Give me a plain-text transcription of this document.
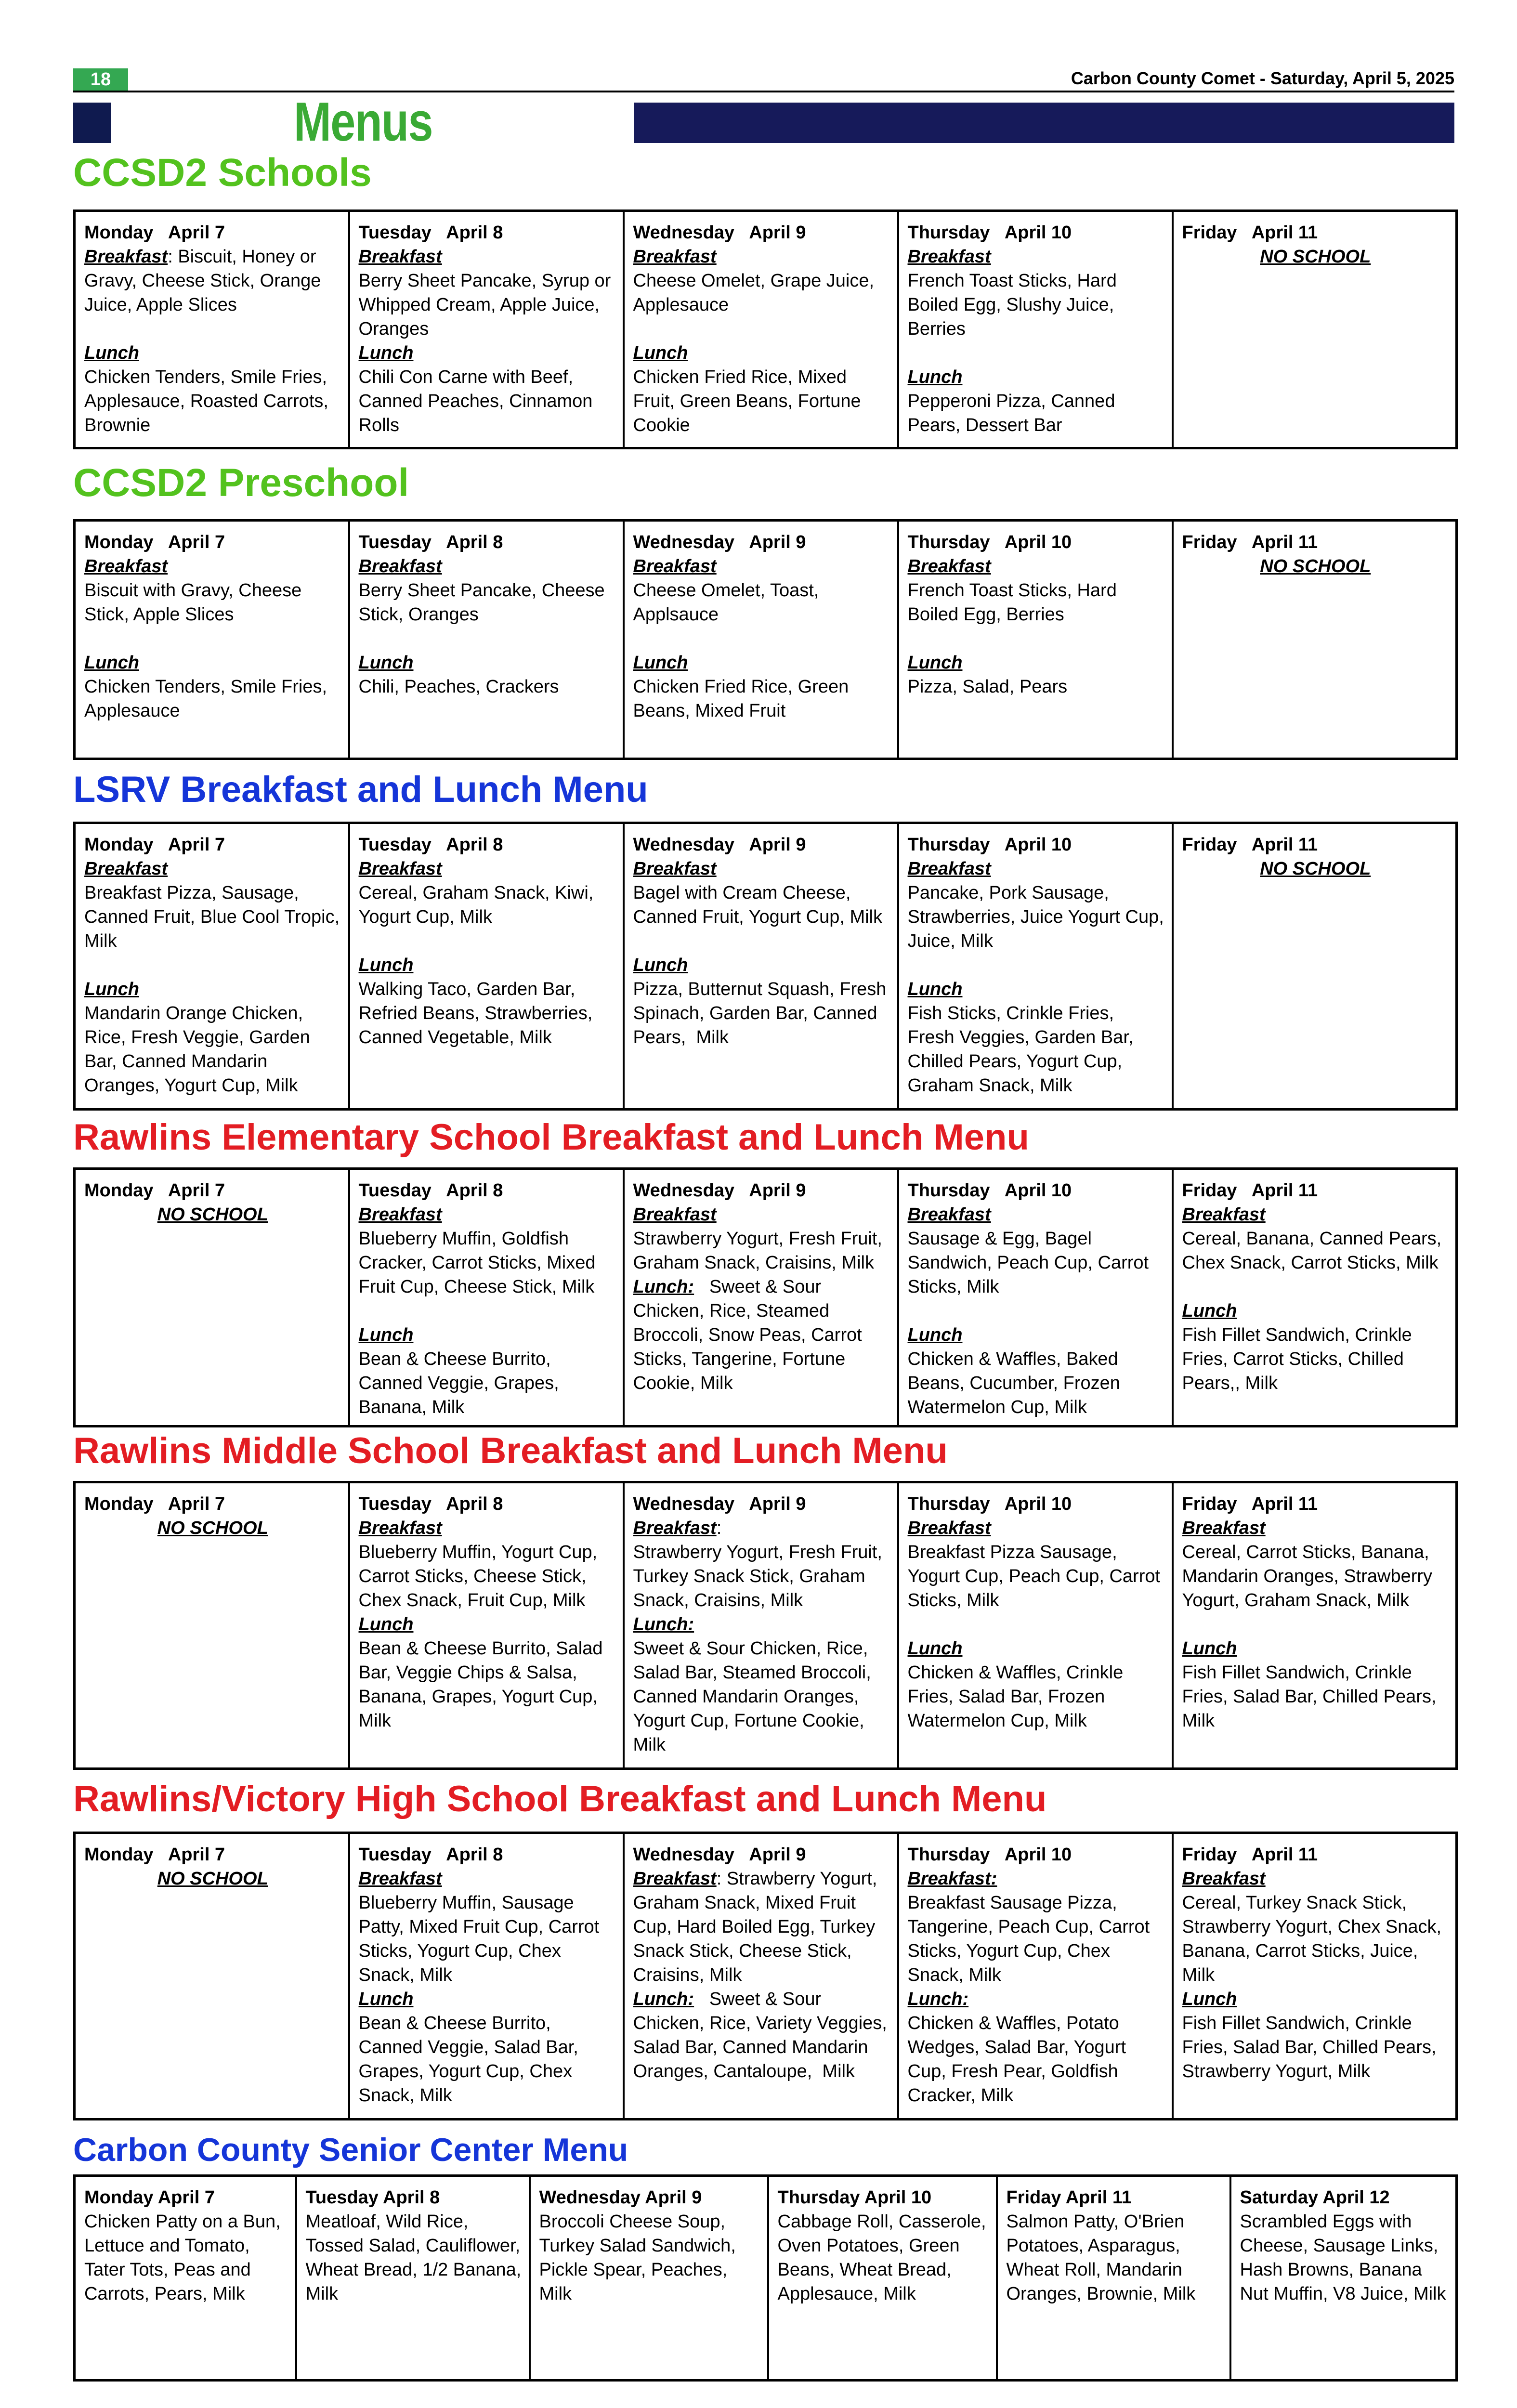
18	Carbon County Comet - Saturday, April 5, 2025
Menus
CCSD2 Schools
Monday April 7
Breakfast: Biscuit, Honey or Gravy, Cheese Stick, Orange Juice, Apple Slices
Lunch
Chicken Tenders, Smile Fries, Applesauce, Roasted Carrots, Brownie

Tuesday April 8
Breakfast
Berry Sheet Pancake, Syrup or Whipped Cream, Apple Juice, Oranges
Lunch
Chili Con Carne with Beef, Canned Peaches, Cinnamon Rolls

Wednesday April 9
Breakfast
Cheese Omelet, Grape Juice, Applesauce
Lunch
Chicken Fried Rice, Mixed Fruit, Green Beans, Fortune Cookie

Thursday April 10
Breakfast
French Toast Sticks, Hard Boiled Egg, Slushy Juice, Berries
Lunch
Pepperoni Pizza, Canned Pears, Dessert Bar

Friday April 11
NO SCHOOL
CCSD2 Preschool
Monday April 7
Breakfast
Biscuit with Gravy, Cheese Stick, Apple Slices
Lunch
Chicken Tenders, Smile Fries, Applesauce

Tuesday April 8
Breakfast
Berry Sheet Pancake, Cheese Stick, Oranges
Lunch
Chili, Peaches, Crackers

Wednesday April 9
Breakfast
Cheese Omelet, Toast, Applsauce
Lunch
Chicken Fried Rice, Green Beans, Mixed Fruit

Thursday April 10
Breakfast
French Toast Sticks, Hard Boiled Egg, Berries
Lunch
Pizza, Salad, Pears

Friday April 11
NO SCHOOL
LSRV Breakfast and Lunch Menu
Monday April 7
Breakfast
Breakfast Pizza, Sausage, Canned Fruit, Blue Cool Tropic, Milk
Lunch
Mandarin Orange Chicken, Rice, Fresh Veggie, Garden Bar, Canned Mandarin Oranges, Yogurt Cup, Milk

Tuesday April 8
Breakfast
Cereal, Graham Snack, Kiwi, Yogurt Cup, Milk
Lunch
Walking Taco, Garden Bar, Refried Beans, Strawberries, Canned Vegetable, Milk

Wednesday April 9
Breakfast
Bagel with Cream Cheese, Canned Fruit, Yogurt Cup, Milk
Lunch
Pizza, Butternut Squash, Fresh Spinach, Garden Bar, Canned Pears,  Milk

Thursday April 10
Breakfast
Pancake, Pork Sausage, Strawberries, Juice Yogurt Cup, Juice, Milk
Lunch
Fish Sticks, Crinkle Fries, Fresh Veggies, Garden Bar, Chilled Pears, Yogurt Cup, Graham Snack, Milk

Friday April 11
NO SCHOOL
Rawlins Elementary School Breakfast and Lunch Menu
Monday April 7
NO SCHOOL

Tuesday April 8
Breakfast
Blueberry Muffin, Goldfish Cracker, Carrot Sticks, Mixed Fruit Cup, Cheese Stick, Milk
Lunch
Bean & Cheese Burrito, Canned Veggie, Grapes, Banana, Milk

Wednesday April 9
Breakfast
Strawberry Yogurt, Fresh Fruit, Graham Snack, Craisins, Milk
Lunch:   Sweet & Sour Chicken, Rice, Steamed Broccoli, Snow Peas, Carrot Sticks, Tangerine, Fortune Cookie, Milk

Thursday April 10
Breakfast
Sausage & Egg, Bagel Sandwich, Peach Cup, Carrot Sticks, Milk
Lunch
Chicken & Waffles, Baked Beans, Cucumber, Frozen Watermelon Cup, Milk

Friday April 11
Breakfast
Cereal, Banana, Canned Pears, Chex Snack, Carrot Sticks, Milk
Lunch
Fish Fillet Sandwich, Crinkle Fries, Carrot Sticks, Chilled Pears,, Milk
Rawlins Middle School Breakfast and Lunch Menu
Monday April 7
NO SCHOOL

Tuesday April 8
Breakfast
Blueberry Muffin, Yogurt Cup, Carrot Sticks, Cheese Stick, Chex Snack, Fruit Cup, Milk
Lunch
Bean & Cheese Burrito, Salad Bar, Veggie Chips & Salsa, Banana, Grapes, Yogurt Cup, Milk

Wednesday April 9
Breakfast:
Strawberry Yogurt, Fresh Fruit, Turkey Snack Stick, Graham Snack, Craisins, Milk
Lunch:
Sweet & Sour Chicken, Rice, Salad Bar, Steamed Broccoli, Canned Mandarin Oranges, Yogurt Cup, Fortune Cookie, Milk

Thursday April 10
Breakfast
Breakfast Pizza Sausage, Yogurt Cup, Peach Cup, Carrot Sticks, Milk
Lunch
Chicken & Waffles, Crinkle Fries, Salad Bar, Frozen Watermelon Cup, Milk

Friday April 11
Breakfast
Cereal, Carrot Sticks, Banana, Mandarin Oranges, Strawberry Yogurt, Graham Snack, Milk
Lunch
Fish Fillet Sandwich, Crinkle Fries, Salad Bar, Chilled Pears, Milk
Rawlins/Victory High School Breakfast and Lunch Menu
Monday April 7
NO SCHOOL

Tuesday April 8
Breakfast
Blueberry Muffin, Sausage Patty, Mixed Fruit Cup, Carrot Sticks, Yogurt Cup, Chex Snack, Milk
Lunch
Bean & Cheese Burrito, Canned Veggie, Salad Bar, Grapes, Yogurt Cup, Chex Snack, Milk

Wednesday April 9
Breakfast: Strawberry Yogurt, Graham Snack, Mixed Fruit Cup, Hard Boiled Egg, Turkey Snack Stick, Cheese Stick, Craisins, Milk
Lunch:   Sweet & Sour Chicken, Rice, Variety Veggies, Salad Bar, Canned Mandarin Oranges, Cantaloupe,  Milk

Thursday April 10
Breakfast:
Breakfast Sausage Pizza, Tangerine, Peach Cup, Carrot Sticks, Yogurt Cup, Chex Snack, Milk
Lunch:
Chicken & Waffles, Potato Wedges, Salad Bar, Yogurt Cup, Fresh Pear, Goldfish Cracker, Milk

Friday April 11
Breakfast
Cereal, Turkey Snack Stick, Strawberry Yogurt, Chex Snack, Banana, Carrot Sticks, Juice, Milk
Lunch
Fish Fillet Sandwich, Crinkle Fries, Salad Bar, Chilled Pears, Strawberry Yogurt, Milk
Carbon County Senior Center Menu
Monday April 7
Chicken Patty on a Bun, Lettuce and Tomato, Tater Tots, Peas and Carrots, Pears, Milk

Tuesday April 8
Meatloaf, Wild Rice, Tossed Salad, Cauliflower, Wheat Bread, 1/2 Banana, Milk

Wednesday April 9
Broccoli Cheese Soup, Turkey Salad Sandwich, Pickle Spear, Peaches, Milk

Thursday April 10
Cabbage Roll, Casserole, Oven Potatoes, Green Beans, Wheat Bread, Applesauce, Milk

Friday April 11
Salmon Patty, O'Brien Potatoes, Asparagus, Wheat Roll, Mandarin Oranges, Brownie, Milk

Saturday April 12
Scrambled Eggs with Cheese, Sausage Links, Hash Browns, Banana Nut Muffin, V8 Juice, Milk
